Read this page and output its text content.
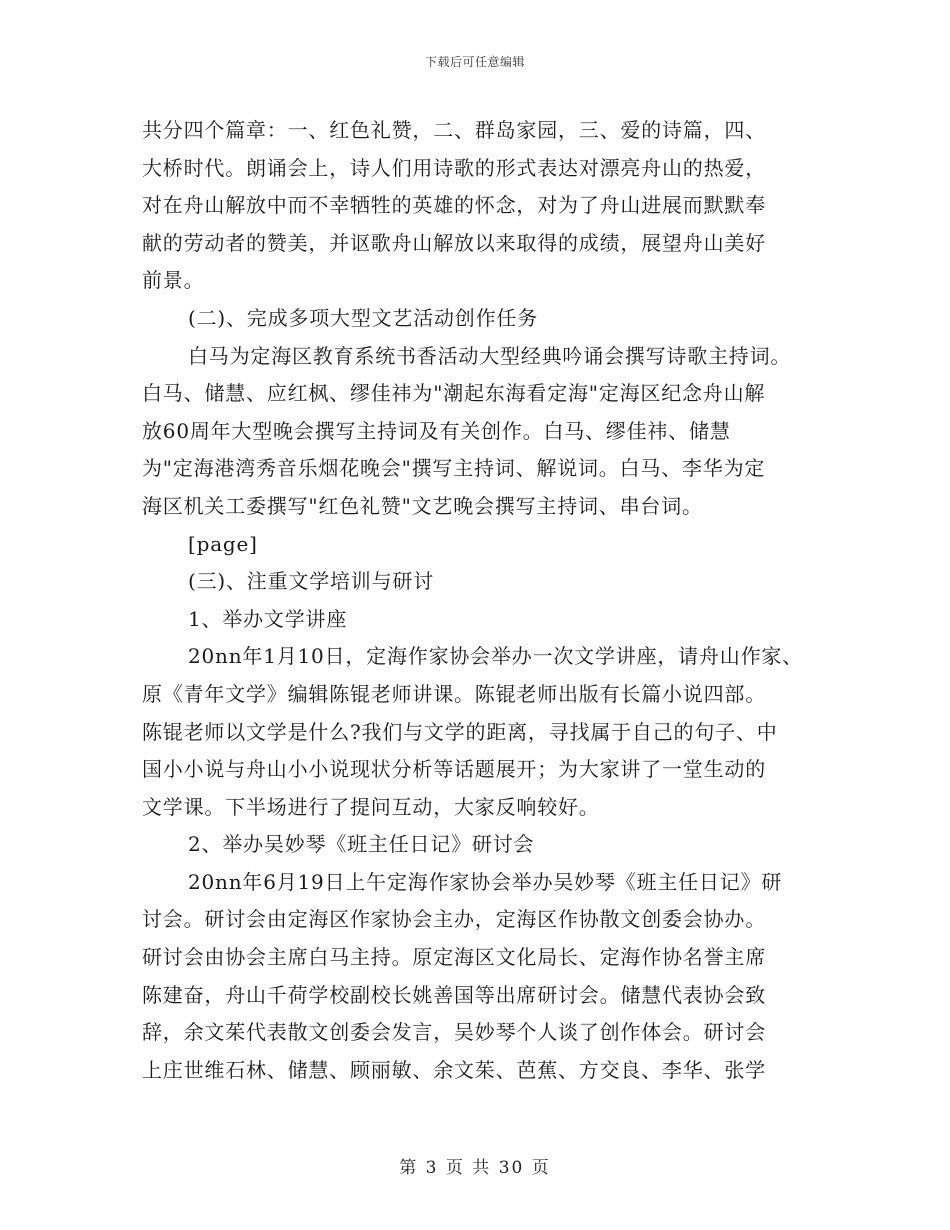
下载后可任意编辑
共分四个篇章：一、红色礼赞，二、群岛家园，三、爱的诗篇，四、
大桥时代。朗诵会上，诗人们用诗歌的形式表达对漂亮舟山的热爱，
对在舟山解放中而不幸牺牲的英雄的怀念，对为了舟山进展而默默奉
献的劳动者的赞美，并讴歌舟山解放以来取得的成绩，展望舟山美好
前景。
(二)、完成多项大型文艺活动创作任务
白马为定海区教育系统书香活动大型经典吟诵会撰写诗歌主持词。
白马、储慧、应红枫、缪佳祎为"潮起东海看定海"定海区纪念舟山解
放60周年大型晚会撰写主持词及有关创作。白马、缪佳祎、储慧
为"定海港湾秀音乐烟花晚会"撰写主持词、解说词。白马、李华为定
海区机关工委撰写"红色礼赞"文艺晚会撰写主持词、串台词。
[page]
(三)、注重文学培训与研讨
1、举办文学讲座
20nn年1月10日，定海作家协会举办一次文学讲座，请舟山作家、
原《青年文学》编辑陈锟老师讲课。陈锟老师出版有长篇小说四部。
陈锟老师以文学是什么?我们与文学的距离，寻找属于自己的句子、中
国小小说与舟山小小说现状分析等话题展开；为大家讲了一堂生动的
文学课。下半场进行了提问互动，大家反响较好。
2、举办吴妙琴《班主任日记》研讨会
20nn年6月19日上午定海作家协会举办吴妙琴《班主任日记》研
讨会。研讨会由定海区作家协会主办，定海区作协散文创委会协办。
研讨会由协会主席白马主持。原定海区文化局长、定海作协名誉主席
陈建奋，舟山千荷学校副校长姚善国等出席研讨会。储慧代表协会致
辞，余文茱代表散文创委会发言，吴妙琴个人谈了创作体会。研讨会
上庄世维石林、储慧、顾丽敏、余文茱、芭蕉、方交良、李华、张学
第 3 页 共 30 页
